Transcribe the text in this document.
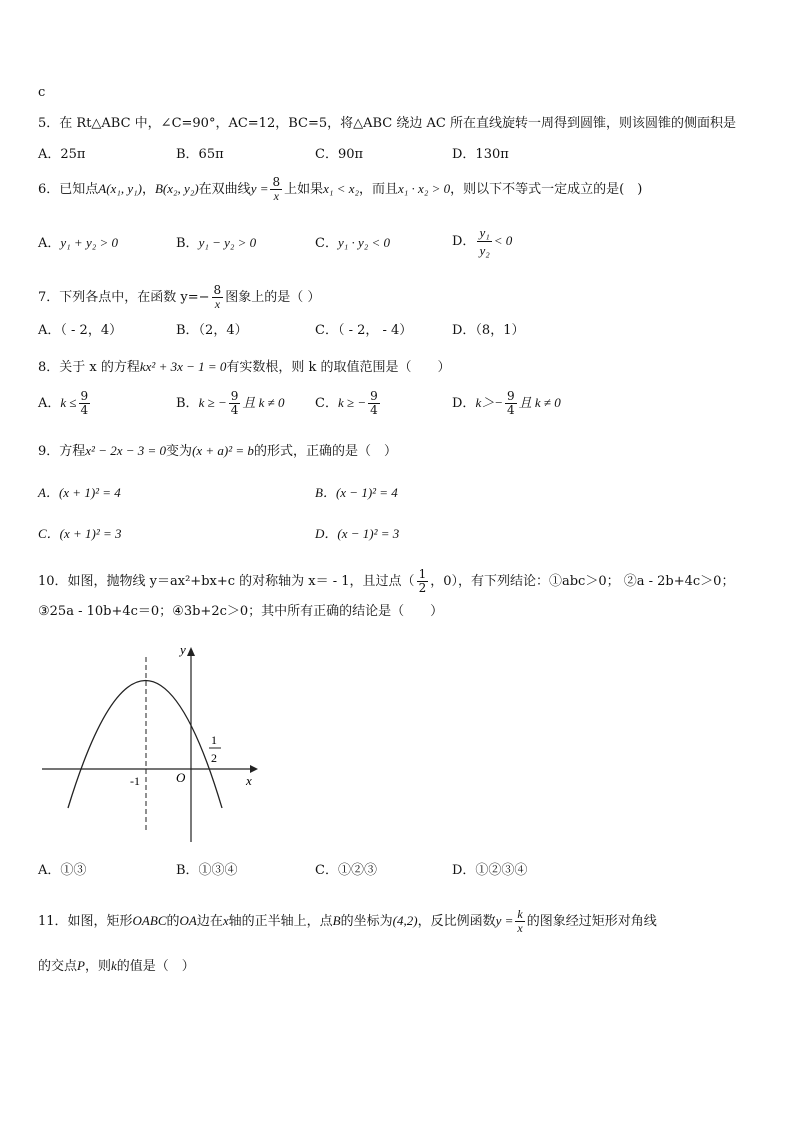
c
5．在 Rt△ABC 中，∠C=90°，AC=12，BC=5，将△ABC 绕边 AC 所在直线旋转一周得到圆锥，则该圆锥的侧面积是
A．25π	B．65π	C．90π	D．130π
6．已知点A(x₁, y₁)，B(x₂, y₂)在双曲线$y = \frac{8}{x}$ 上如果x₁ < x₂，而且x₁ · x₂ > 0，则以下不等式一定成立的是(　)
A．y₁ + y₂ > 0	B．y₁ − y₂ > 0	C．y₁ · y₂ < 0	D． $\frac{\text{y₁}}{\text{y₂}} < 0$
7．下列各点中，在函数 $y=- \frac{8}{x}$ 图象上的是（ ）
A．（ - 2，4）	B．（2，4）	C．（ - 2， - 4）	D．（8，1）
8．关于 x 的方程kx² + 3x − 1 = 0有实数根，则 k 的取值范围是（　　）
A．$k \le \frac{9}{4}$	B．k ≥ − $\frac{9}{4}$ 且 k ≠ 0 C．k ≥ − $\frac{9}{4}$	D．$k>- \frac{9}{4}$ 且 k ≠ 0
9．方程x² − 2x − 3 = 0变为(x + a)² = b的形式，正确的是（　）
A．(x + 1)² = 4	B．(x − 1)² = 4
C．(x + 1)² = 3	D．(x − 1)² = 3
10．如图，抛物线 y＝ax²+bx+c 的对称轴为 x＝ - 1，且过点（ $\frac{1}{2}$ ，0），有下列结论：①abc＞0； ②a - 2b+4c＞0；
③25a - 10b+4c＝0；④3b+2c＞0；其中所有正确的结论是（　　）
y
x
O
-1
1
2
A．①③	B．①③④	C．①②③	D．①②③④
11．如图，矩形OABC的OA边在x轴的正半轴上，点B的坐标为(4,2)，反比例函数$y = \frac{k}{x}$ 的图象经过矩形对角线
的交点P，则k的值是（　）
